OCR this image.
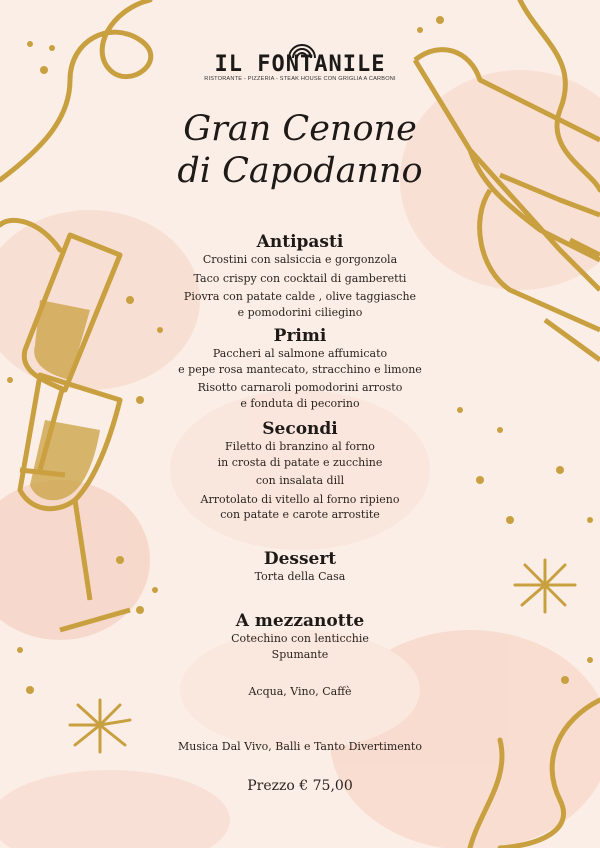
IL FONTANILE
RISTORANTE - PIZZERIA - STEAK HOUSE CON GRIGLIA A CARBONI
Gran Cenone
di Capodanno
Antipasti
Crostini con salsiccia e gorgonzola
Taco crispy con cocktail di gamberetti
Piovra con patate calde , olive taggiasche
e pomodorini ciliegino
Primi
Paccheri al salmone affumicato
e pepe rosa mantecato, stracchino e limone
Risotto carnaroli pomodorini arrosto
e fonduta di pecorino
Secondi
Filetto di branzino al forno
in crosta di patate e zucchine
con insalata dill
Arrotolato di vitello al forno ripieno
con patate e carote arrostite
Dessert
Torta della Casa
A mezzanotte
Cotechino con lenticchie
Spumante
Acqua, Vino, Caffè
Musica Dal Vivo, Balli e Tanto Divertimento
Prezzo € 75,00
